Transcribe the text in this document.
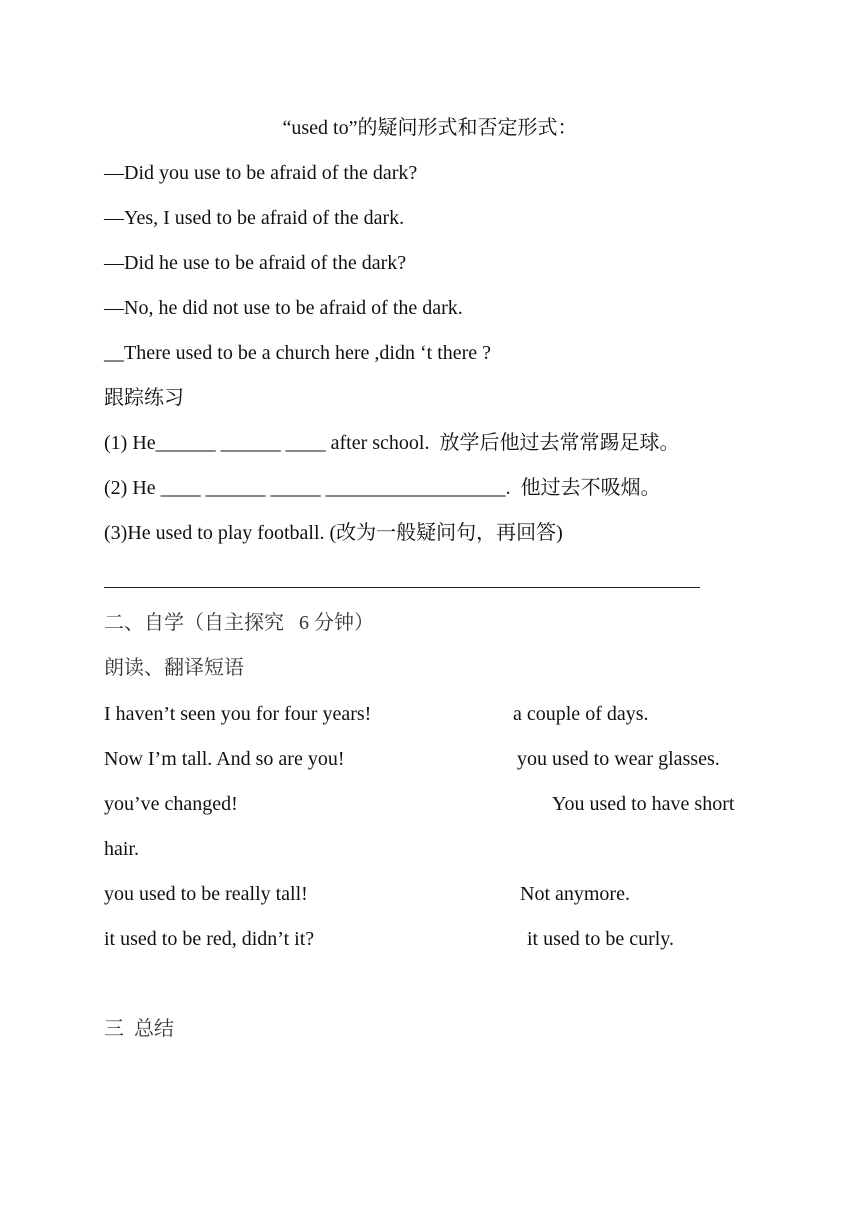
“used to”的疑问形式和否定形式：
—Did you use to be afraid of the dark?
—Yes, I used to be afraid of the dark.
—Did he use to be afraid of the dark?
—No, he did not use to be afraid of the dark.
__There used to be a church here ,didn ‘t there ?
跟踪练习
(1) He______ ______ ____ after school.  放学后他过去常常踢足球。
(2) He ____ ______ _____ __________________.  他过去不吸烟。
(3)He used to play football. (改为一般疑问句，再回答)
二、自学（自主探究   6 分钟）
朗读、翻译短语
I haven’t seen you for four years!	a couple of days.
Now I’m tall. And so are you!	you used to wear glasses.
you’ve changed!	You used to have short
hair.
you used to be really tall!	Not anymore.
it used to be red, didn’t it?	it used to be curly.
三  总结
